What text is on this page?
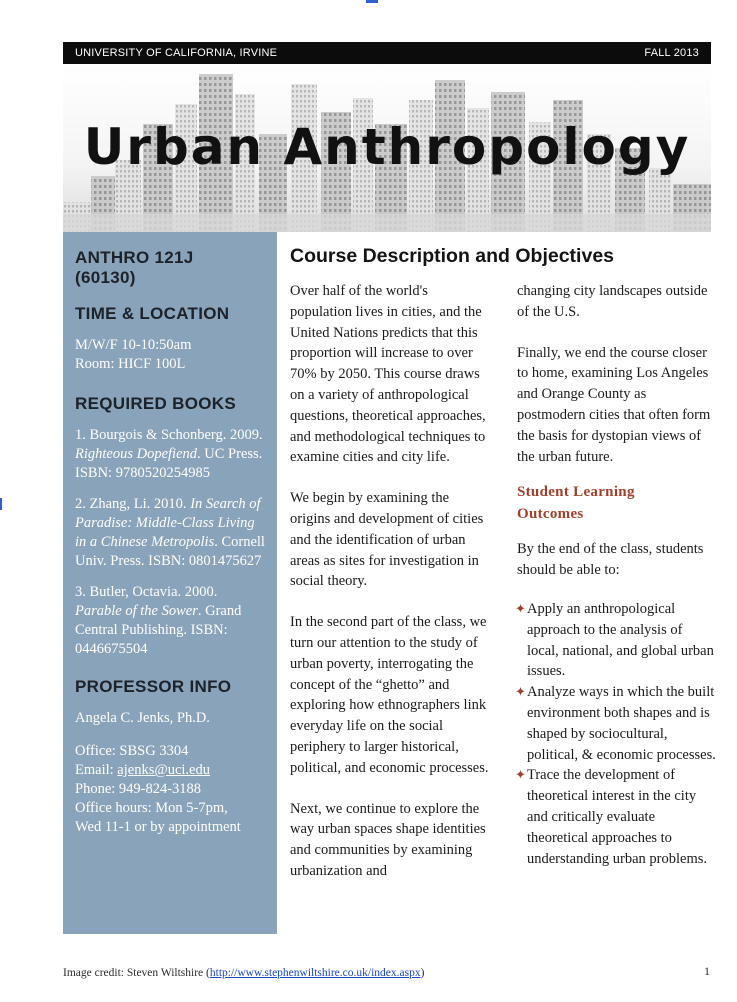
UNIVERSITY OF CALIFORNIA, IRVINE	FALL 2013
Urban Anthropology
ANTHRO 121J
(60130)
TIME & LOCATION

M/W/F 10-10:50am

Room: HICF 100L

REQUIRED BOOKS

1. Bourgois & Schonberg. 2009. Righteous Dopefiend. UC Press. ISBN: 9780520254985

2. Zhang, Li. 2010. In Search of Paradise: Middle-Class Living in a Chinese Metropolis. Cornell Univ. Press. ISBN: 0801475627

3. Butler, Octavia. 2000. Parable of the Sower. Grand Central Publishing. ISBN: 0446675504

PROFESSOR INFO

Angela C. Jenks, Ph.D.

Office: SBSG 3304

Email: ajenks@uci.edu

Phone: 949-824-3188

Office hours: Mon 5-7pm,

Wed 11-1 or by appointment

Course Description and Objectives

Over half of the world's population lives in cities, and the United Nations predicts that this proportion will increase to over 70% by 2050. This course draws on a variety of anthropological questions, theoretical approaches, and methodological techniques to examine cities and city life.

We begin by examining the origins and development of cities and the identification of urban areas as sites for investigation in social theory.

In the second part of the class, we turn our attention to the study of urban poverty, interrogating the concept of the “ghetto” and exploring how ethnographers link everyday life on the social periphery to larger historical, political, and economic processes.

Next, we continue to explore the way urban spaces shape identities and communities by examining urbanization and

changing city landscapes outside of the U.S.

Finally, we end the course closer to home, examining Los Angeles and Orange County as postmodern cities that often form the basis for dystopian views of the urban future.

Student Learning
Outcomes

By the end of the class, students should be able to:

✦ Apply an anthropological approach to the analysis of local, national, and global urban issues.
✦ Analyze ways in which the built environment both shapes and is shaped by sociocultural, political, & economic processes.
✦ Trace the development of theoretical interest in the city and critically evaluate theoretical approaches to understanding urban problems.
Image credit: Steven Wiltshire (http://www.stephenwiltshire.co.uk/index.aspx)	1
